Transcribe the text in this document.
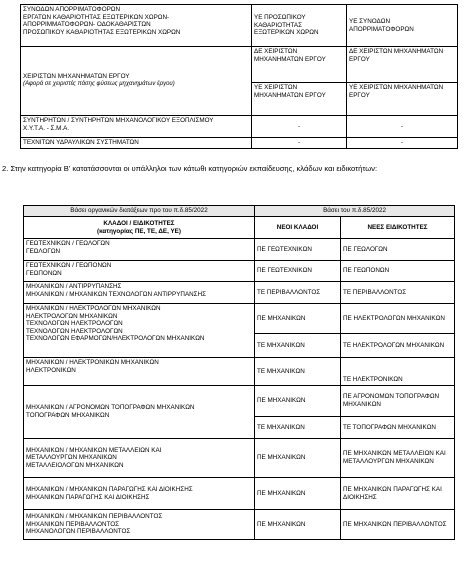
ΣΥΝΟΔΩΝ ΑΠΟΡΡΙΜΑΤΟΦΟΡΩΝ
ΕΡΓΑΤΩΝ ΚΑΘΑΡΙΟΤΗΤΑΣ ΕΞΩΤΕΡΙΚΩΝ ΧΩΡΩΝ-
ΑΠΟΡΡΙΜΜΑΤΟΦΟΡΩΝ- ΟΔΟΚΑΘΑΡΙΣΤΩΝ
ΠΡΟΣΩΠΙΚΟΥ ΚΑΘΑΡΙΟΤΗΤΑΣ ΕΞΩΤΕΡΙΚΩΝ ΧΩΡΩΝ	ΥΕ ΠΡΟΣΩΠΙΚΟΥ ΚΑΘΑΡΙΟΤΗΤΑΣ ΕΞΩΤΕΡΙΚΩΝ ΧΩΡΩΝ	ΥΕ ΣΥΝΟΔΩΝ ΑΠΟΡΡΙΜΑΤΟΦΟΡΩΝ

ΧΕΙΡΙΣΤΩΝ ΜΗΧΑΝΗΜΑΤΩΝ ΕΡΓΟΥ
(Αφορά σε χειριστές πάσης φύσεως μηχανημάτων έργου)	ΔΕ ΧΕΙΡΙΣΤΩΝ ΜΗΧΑΝΗΜΑΤΩΝ ΕΡΓΟΥ	ΔΕ ΧΕΙΡΙΣΤΩΝ ΜΗΧΑΝΗΜΑΤΩΝ ΕΡΓΟΥ
	ΥΕ ΧΕΙΡΙΣΤΩΝ ΜΗΧΑΝΗΜΑΤΩΝ ΕΡΓΟΥ	ΥΕ ΧΕΙΡΙΣΤΩΝ ΜΗΧΑΝΗΜΑΤΩΝ ΕΡΓΟΥ

ΣΥΝΤΗΡΗΤΩΝ / ΣΥΝΤΗΡΗΤΩΝ ΜΗΧΑΝΟΛΟΓΙΚΟΥ ΕΞΟΠΛΙΣΜΟΥ
Χ.Υ.Τ.Α. - Σ.Μ.Α.	-	-
ΤΕΧΝΙΤΩΝ ΥΔΡΑΥΛΙΚΩΝ ΣΥΣΤΗΜΑΤΩΝ	-	-
2. Στην κατηγορία Β' κατατάσσονται οι υπάλληλοι των κάτωθι κατηγοριών εκπαίδευσης, κλάδων και ειδικοτήτων:
Βάσει οργανικών διατάξεων προ του π.δ.85/2022	Βάσει του π.δ.85/2022	

ΚΛΑΔΟΙ / ΕΙΔΙΚΟΤΗΤΕΣ
(κατηγορίας ΠΕ, ΤΕ, ΔΕ, ΥΕ)	ΝΕΟΙ ΚΛΑΔΟΙ	ΝΕΕΣ ΕΙΔΙΚΟΤΗΤΕΣ

ΓΕΩΤΕΧΝΙΚΩΝ / ΓΕΩΛΟΓΩΝ
ΓΕΩΛΟΓΩΝ	ΠΕ ΓΕΩΤΕΧΝΙΚΩΝ	ΠΕ ΓΕΩΛΟΓΩΝ

ΓΕΩΤΕΧΝΙΚΩΝ / ΓΕΩΠΟΝΩΝ
ΓΕΩΠΟΝΩΝ	ΠΕ ΓΕΩΤΕΧΝΙΚΩΝ	ΠΕ ΓΕΩΠΟΝΩΝ

ΜΗΧΑΝΙΚΩΝ / ΑΝΤΙΡΡΥΠΑΝΣΗΣ
ΜΗΧΑΝΙΚΩΝ / ΜΗΧΑΝΙΚΩΝ ΤΕΧΝΟΛΟΓΩΝ ΑΝΤΙΡΡΥΠΑΝΣΗΣ	ΤΕ ΠΕΡΙΒΑΛΛΟΝΤΟΣ	ΤΕ ΠΕΡΙΒΑΛΛΟΝΤΟΣ

ΜΗΧΑΝΙΚΩΝ / ΗΛΕΚΤΡΟΛΟΓΩΝ ΜΗΧΑΝΙΚΩΝ
ΗΛΕΚΤΡΟΛΟΓΩΝ ΜΗΧΑΝΙΚΩΝ
ΤΕΧΝΟΛΟΓΩΝ ΗΛΕΚΤΡΟΛΟΓΩΝ
ΤΕΧΝΟΛΟΓΩΝ ΗΛΕΚΤΡΟΛΟΓΩΝ
ΤΕΧΝΟΛΟΓΩΝ ΕΦΑΡΜΟΓΩΝ/ΗΛΕΚΤΡΟΛΟΓΩΝ ΜΗΧΑΝΙΚΩΝ	ΠΕ ΜΗΧΑΝΙΚΩΝ	ΠΕ ΗΛΕΚΤΡΟΛΟΓΩΝ ΜΗΧΑΝΙΚΩΝ
	ΤΕ ΜΗΧΑΝΙΚΩΝ	ΤΕ ΗΛΕΚΤΡΟΛΟΓΩΝ ΜΗΧΑΝΙΚΩΝ

ΜΗΧΑΝΙΚΩΝ / ΗΛΕΚΤΡΟΝΙΚΩΝ ΜΗΧΑΝΙΚΩΝ
ΗΛΕΚΤΡΟΝΙΚΩΝ	ΤΕ ΜΗΧΑΝΙΚΩΝ	ΤΕ ΗΛΕΚΤΡΟΝΙΚΩΝ

ΜΗΧΑΝΙΚΩΝ / ΑΓΡΟΝΟΜΩΝ ΤΟΠΟΓΡΑΦΩΝ ΜΗΧΑΝΙΚΩΝ
ΤΟΠΟΓΡΑΦΩΝ ΜΗΧΑΝΙΚΩΝ	ΠΕ ΜΗΧΑΝΙΚΩΝ	ΠΕ ΑΓΡΟΝΟΜΩΝ ΤΟΠΟΓΡΑΦΩΝ ΜΗΧΑΝΙΚΩΝ
	ΤΕ ΜΗΧΑΝΙΚΩΝ	ΤΕ ΤΟΠΟΓΡΑΦΩΝ ΜΗΧΑΝΙΚΩΝ

ΜΗΧΑΝΙΚΩΝ / ΜΗΧΑΝΙΚΩΝ ΜΕΤΑΛΛΕΙΩΝ ΚΑΙ
ΜΕΤΑΛΛΟΥΡΓΩΝ ΜΗΧΑΝΙΚΩΝ
ΜΕΤΑΛΛΕΙΟΛΟΓΩΝ ΜΗΧΑΝΙΚΩΝ	ΠΕ ΜΗΧΑΝΙΚΩΝ	ΠΕ ΜΗΧΑΝΙΚΩΝ ΜΕΤΑΛΛΕΙΩΝ ΚΑΙ ΜΕΤΑΛΛΟΥΡΓΩΝ ΜΗΧΑΝΙΚΩΝ

ΜΗΧΑΝΙΚΩΝ / ΜΗΧΑΝΙΚΩΝ ΠΑΡΑΓΩΓΗΣ ΚΑΙ ΔΙΟΙΚΗΣΗΣ
ΜΗΧΑΝΙΚΩΝ ΠΑΡΑΓΩΓΗΣ ΚΑΙ ΔΙΟΙΚΗΣΗΣ	ΠΕ ΜΗΧΑΝΙΚΩΝ	ΠΕ ΜΗΧΑΝΙΚΩΝ ΠΑΡΑΓΩΓΗΣ ΚΑΙ ΔΙΟΙΚΗΣΗΣ

ΜΗΧΑΝΙΚΩΝ / ΜΗΧΑΝΙΚΩΝ ΠΕΡΙΒΑΛΛΟΝΤΟΣ
ΜΗΧΑΝΙΚΩΝ ΠΕΡΙΒΑΛΛΟΝΤΟΣ
ΜΗΧΑΝΟΛΟΓΩΝ ΠΕΡΙΒΑΛΛΟΝΤΟΣ	ΠΕ ΜΗΧΑΝΙΚΩΝ	ΠΕ ΜΗΧΑΝΙΚΩΝ ΠΕΡΙΒΑΛΛΟΝΤΟΣ
